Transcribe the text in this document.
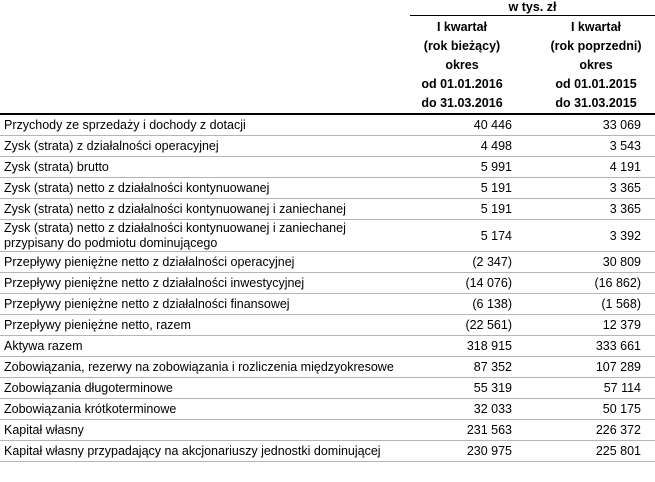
w tys. zł
I kwartał
(rok bieżący)
okres
od 01.01.2016
do 31.03.2016
I kwartał
(rok poprzedni)
okres
od 01.01.2015
do 31.03.2015
Przychody ze sprzedaży i dochody z dotacji	40 446	33 069
Zysk (strata) z działalności operacyjnej	4 498	3 543
Zysk (strata) brutto	5 991	4 191
Zysk (strata) netto z działalności kontynuowanej	5 191	3 365
Zysk (strata) netto z działalności kontynuowanej i zaniechanej	5 191	3 365
Zysk (strata) netto z działalności kontynuowanej i zaniechanej
przypisany do podmiotu dominującego	5 174	3 392
Przepływy pieniężne netto z działalności operacyjnej	(2 347)	30 809
Przepływy pieniężne netto z działalności inwestycyjnej	(14 076)	(16 862)
Przepływy pieniężne netto z działalności finansowej	(6 138)	(1 568)
Przepływy pieniężne netto, razem	(22 561)	12 379
Aktywa razem	318 915	333 661
Zobowiązania, rezerwy na zobowiązania i rozliczenia międzyokresowe	87 352	107 289
Zobowiązania długoterminowe	55 319	57 114
Zobowiązania krótkoterminowe	32 033	50 175
Kapitał własny	231 563	226 372
Kapitał własny przypadający na akcjonariuszy jednostki dominującej	230 975	225 801
